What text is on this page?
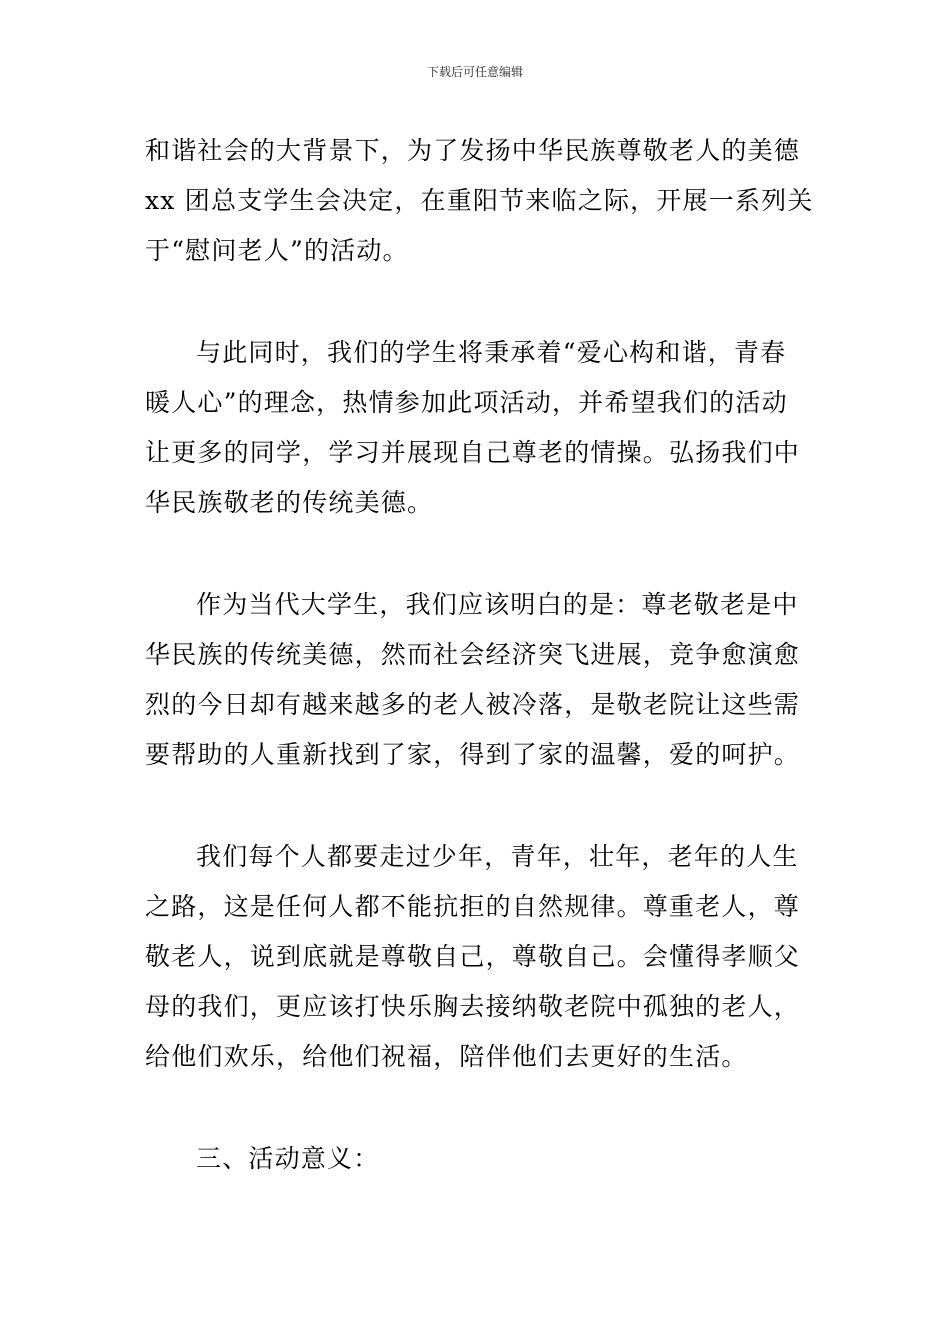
下载后可任意编辑
和谐社会的大背景下，为了发扬中华民族尊敬老人的美德
xx 团总支学生会决定，在重阳节来临之际，开展一系列关
于“慰问老人”的活动。
与此同时，我们的学生将秉承着“爱心构和谐，青春
暖人心”的理念，热情参加此项活动，并希望我们的活动
让更多的同学，学习并展现自己尊老的情操。弘扬我们中
华民族敬老的传统美德。
作为当代大学生，我们应该明白的是：尊老敬老是中
华民族的传统美德，然而社会经济突飞进展，竞争愈演愈
烈的今日却有越来越多的老人被冷落，是敬老院让这些需
要帮助的人重新找到了家，得到了家的温馨，爱的呵护。
我们每个人都要走过少年，青年，壮年，老年的人生
之路，这是任何人都不能抗拒的自然规律。尊重老人，尊
敬老人，说到底就是尊敬自己，尊敬自己。会懂得孝顺父
母的我们，更应该打快乐胸去接纳敬老院中孤独的老人，
给他们欢乐，给他们祝福，陪伴他们去更好的生活。
三、活动意义：
